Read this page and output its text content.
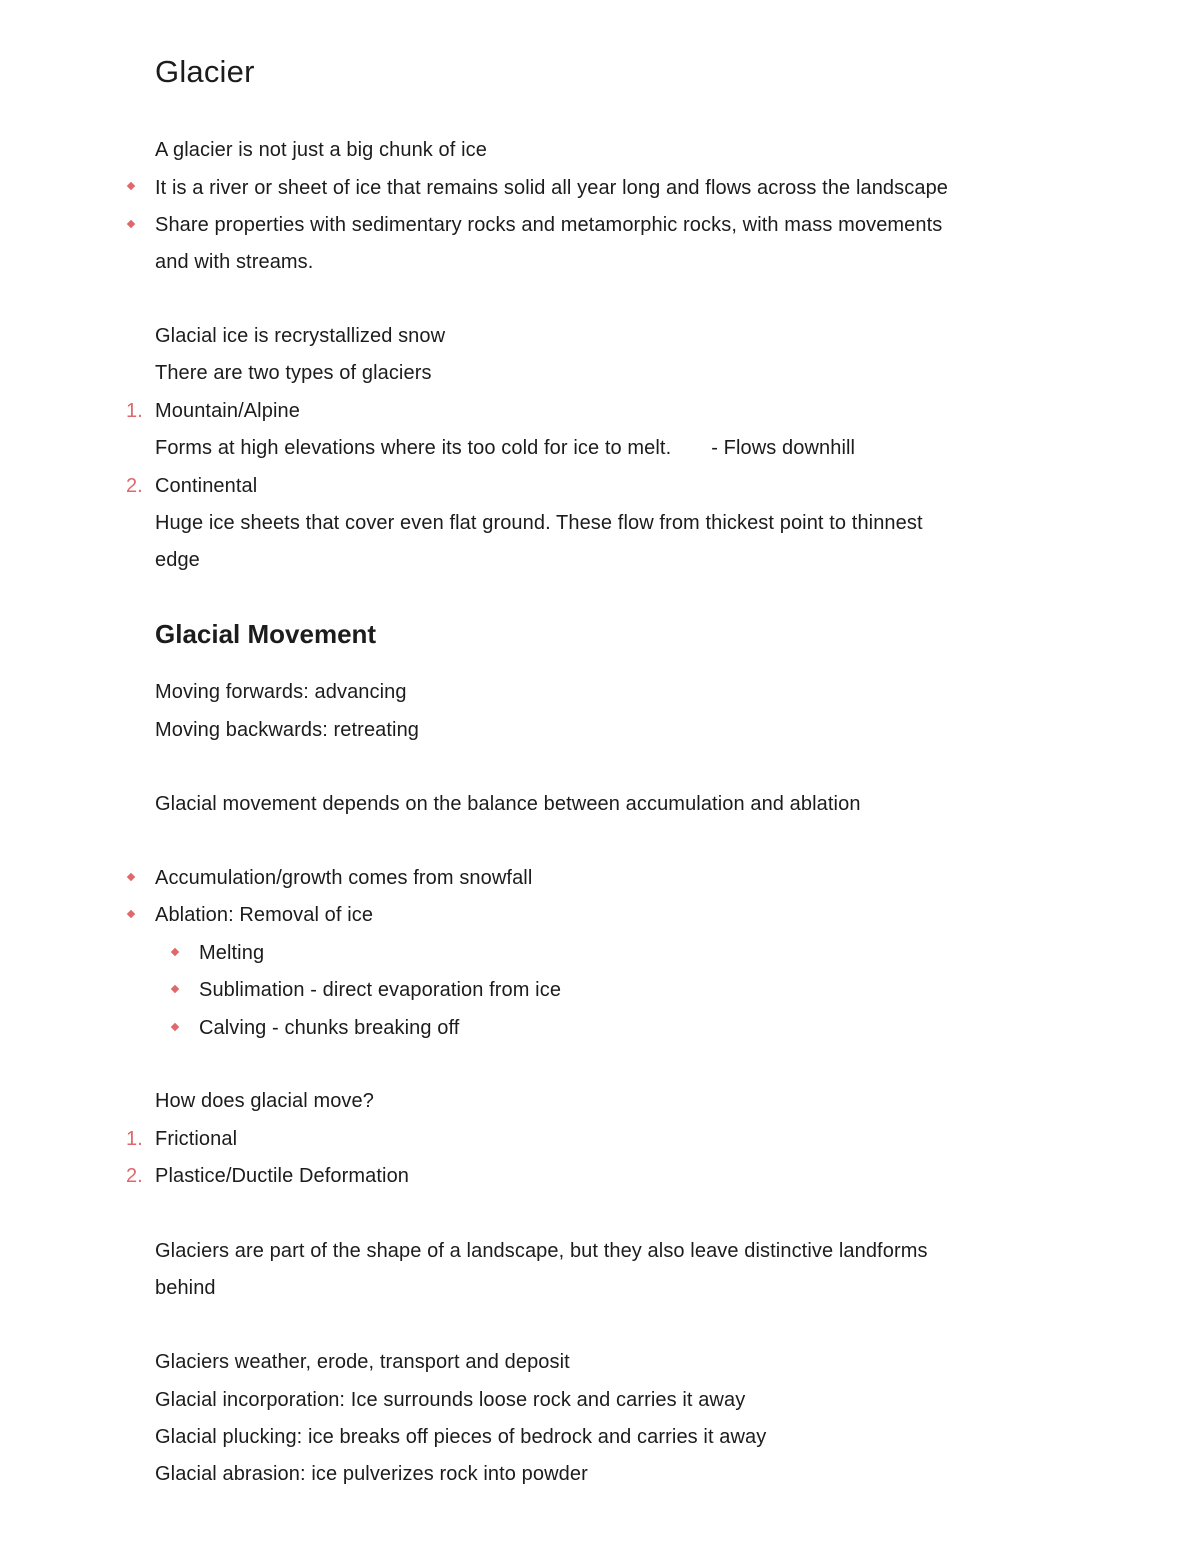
Glacier
A glacier is not just a big chunk of ice
It is a river or sheet of ice that remains solid all year long and flows across the landscape
Share properties with sedimentary rocks and metamorphic rocks, with mass movements
and with streams.
Glacial ice is recrystallized snow
There are two types of glaciers
1. Mountain/Alpine
Forms at high elevations where its too cold for ice to melt. - Flows downhill
2. Continental
Huge ice sheets that cover even flat ground. These flow from thickest point to thinnest
edge
Glacial Movement
Moving forwards: advancing
Moving backwards: retreating
Glacial movement depends on the balance between accumulation and ablation
Accumulation/growth comes from snowfall
Ablation: Removal of ice
Melting
Sublimation - direct evaporation from ice
Calving - chunks breaking off
How does glacial move?
1. Frictional
2. Plastice/Ductile Deformation
Glaciers are part of the shape of a landscape, but they also leave distinctive landforms
behind
Glaciers weather, erode, transport and deposit
Glacial incorporation: Ice surrounds loose rock and carries it away
Glacial plucking: ice breaks off pieces of bedrock and carries it away
Glacial abrasion: ice pulverizes rock into powder
